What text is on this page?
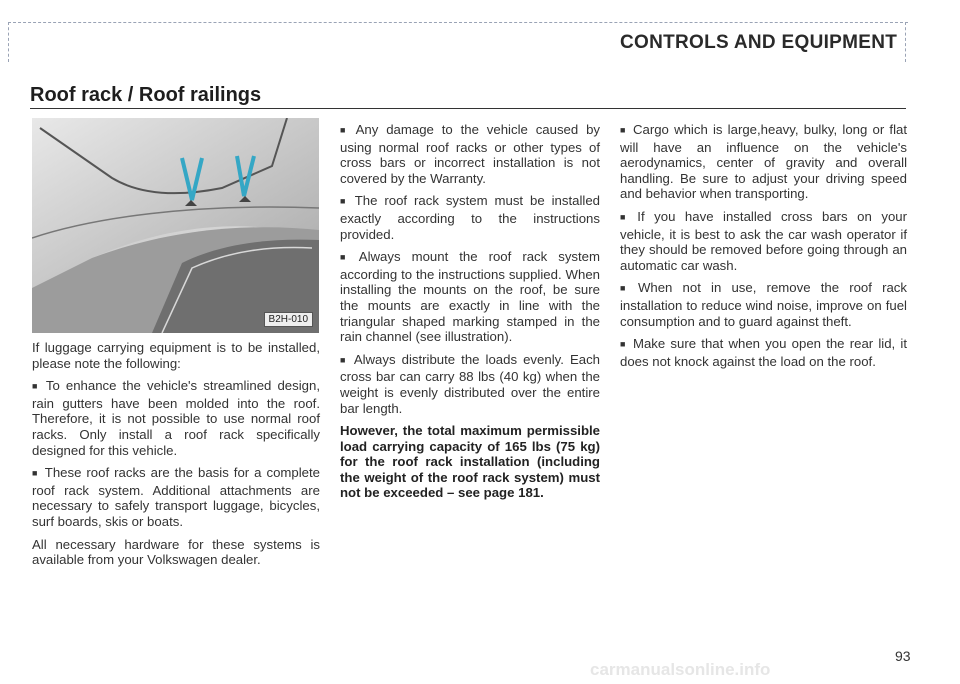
CONTROLS AND EQUIPMENT
Roof rack / Roof railings
B2H-010

If luggage carrying equipment is to be installed, please note the following:

■ To enhance the vehicle's streamlined design, rain gutters have been molded into the roof. Therefore, it is not possible to use normal roof racks. Only install a roof rack specifically designed for this vehicle.

■ These roof racks are the basis for a complete roof rack system. Additional attachments are necessary to safely transport luggage, bicycles, surf boards, skis or boats.

All necessary hardware for these systems is available from your Volkswagen dealer.

■ Any damage to the vehicle caused by using normal roof racks or other types of cross bars or incorrect installation is not covered by the Warranty.

■ The roof rack system must be installed exactly according to the instructions provided.

■ Always mount the roof rack system according to the instructions supplied. When installing the mounts on the roof, be sure the mounts are exactly in line with the triangular shaped marking stamped in the rain channel (see illustration).

■ Always distribute the loads evenly. Each cross bar can carry 88 lbs (40 kg) when the weight is evenly distributed over the entire bar length.

However, the total maximum permissible load carrying capacity of 165 lbs (75 kg) for the roof rack installation (including the weight of the roof rack system) must not be exceeded – see page 181.

■ Cargo which is large,heavy, bulky, long or flat will have an influence on the vehicle's aerodynamics, center of gravity and overall handling. Be sure to adjust your driving speed and behavior when transporting.

■ If you have installed cross bars on your vehicle, it is best to ask the car wash operator if they should be removed before going through an automatic car wash.

■ When not in use, remove the roof rack installation to reduce wind noise, improve on fuel consumption and to guard against theft.

■ Make sure that when you open the rear lid, it does not knock against the load on the roof.

93
carmanualsonline.info
